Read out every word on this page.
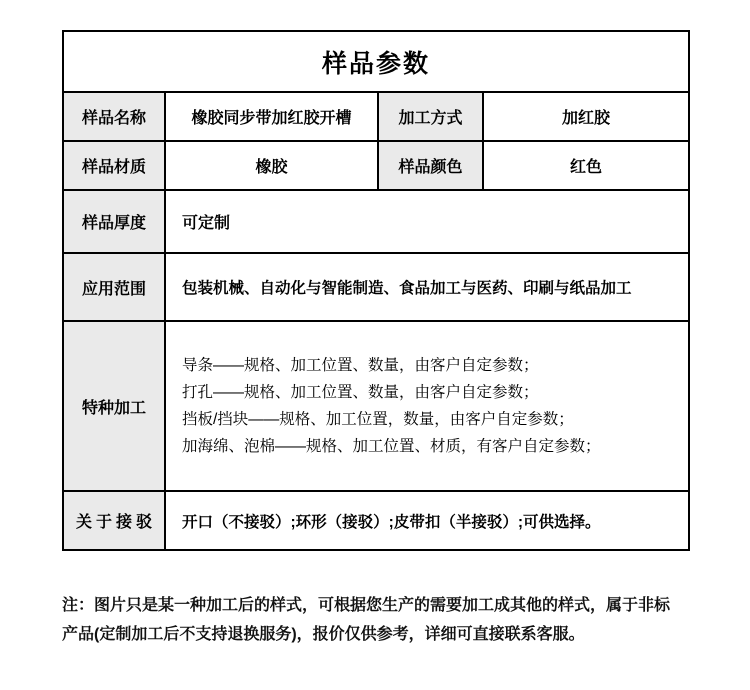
样品参数			
样品名称	橡胶同步带加红胶开槽	加工方式	加红胶
样品材质	橡胶	样品颜色	红色
样品厚度	可定制		
应用范围	包装机械、自动化与智能制造、食品加工与医药、印刷与纸品加工		
特种加工	导条——规格、加工位置、数量，由客户自定参数；
打孔——规格、加工位置、数量，由客户自定参数；
挡板/挡块——规格、加工位置，数量，由客户自定参数；
加海绵、泡棉——规格、加工位置、材质，有客户自定参数；		

关于接驳	开口（不接驳）;环形（接驳）;皮带扣（半接驳）;可供选择。		
注：图片只是某一种加工后的样式，可根据您生产的需要加工成其他的样式，属于非标
产品(定制加工后不支持退换服务)，报价仅供参考，详细可直接联系客服。
